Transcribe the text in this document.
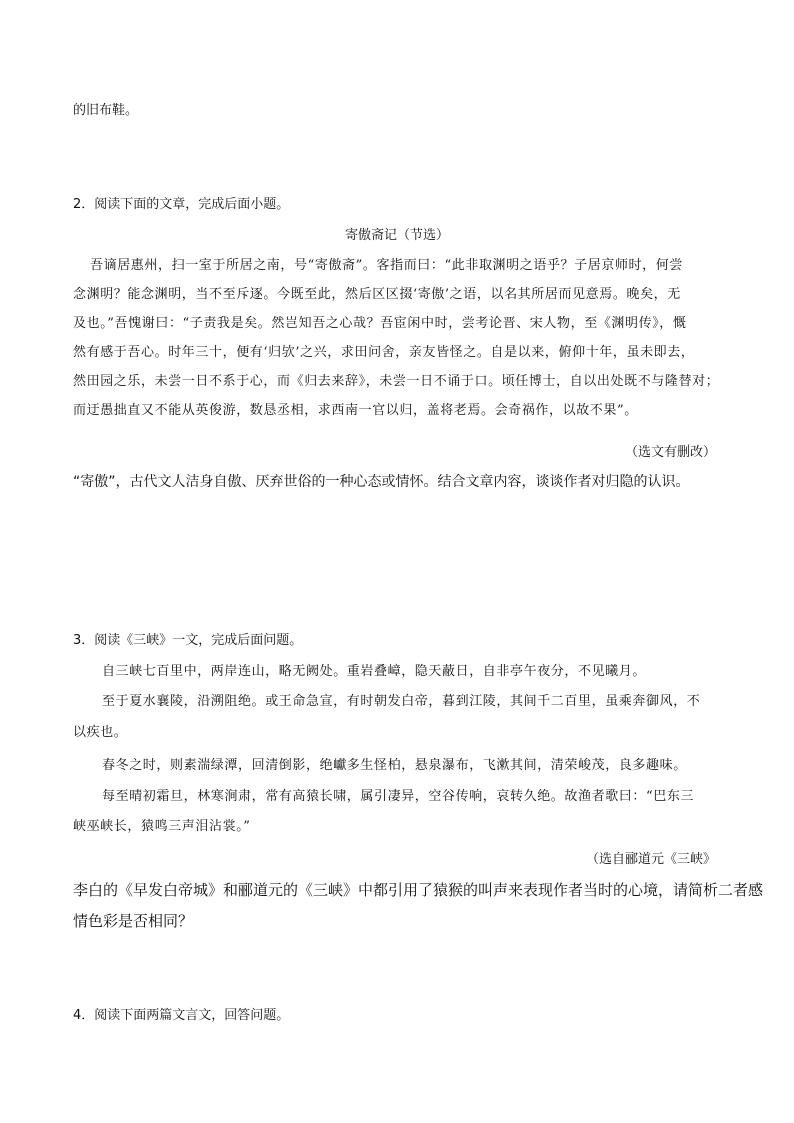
的旧布鞋。
2．阅读下面的文章，完成后面小题。
寄傲斋记（节选）
吾谪居惠州，扫一室于所居之南，号“寄傲斋”。客指而曰：“此非取渊明之语乎？子居京师时，何尝
念渊明？能念渊明，当不至斥逐。今既至此，然后区区掇‘寄傲’之语，以名其所居而见意焉。晚矣，无
及也。”吾愧谢曰：“子责我是矣。然岂知吾之心哉？吾宦闲中时，尝考论晋、宋人物，至《渊明传》，慨
然有感于吾心。时年三十，便有‘归欤’之兴，求田问舍，亲友皆怪之。自是以来，俯仰十年，虽未即去，
然田园之乐，未尝一日不系于心，而《归去来辞》，未尝一日不诵于口。顷任博士，自以出处既不与隆替对；
而迂愚拙直又不能从英俊游，数恳丞相，求西南一官以归，盖将老焉。会奇祸作，以故不果”。
（选文有删改）
“寄傲”，古代文人洁身自傲、厌弃世俗的一种心态或情怀。结合文章内容，谈谈作者对归隐的认识。
3．阅读《三峡》一文，完成后面问题。
自三峡七百里中，两岸连山，略无阙处。重岩叠嶂，隐天蔽日，自非亭午夜分，不见曦月。
至于夏水襄陵，沿溯阻绝。或王命急宣，有时朝发白帝，暮到江陵，其间千二百里，虽乘奔御风，不
以疾也。
春冬之时，则素湍绿潭，回清倒影，绝巘多生怪柏，悬泉瀑布，飞漱其间，清荣峻茂，良多趣味。
每至晴初霜旦，林寒涧肃，常有高猿长啸，属引凄异，空谷传响，哀转久绝。故渔者歌曰：“巴东三
峡巫峡长，猿鸣三声泪沾裳。”
（选自郦道元《三峡》
李白的《早发白帝城》和郦道元的《三峡》中都引用了猿猴的叫声来表现作者当时的心境，请简析二者感
情色彩是否相同？
4．阅读下面两篇文言文，回答问题。
